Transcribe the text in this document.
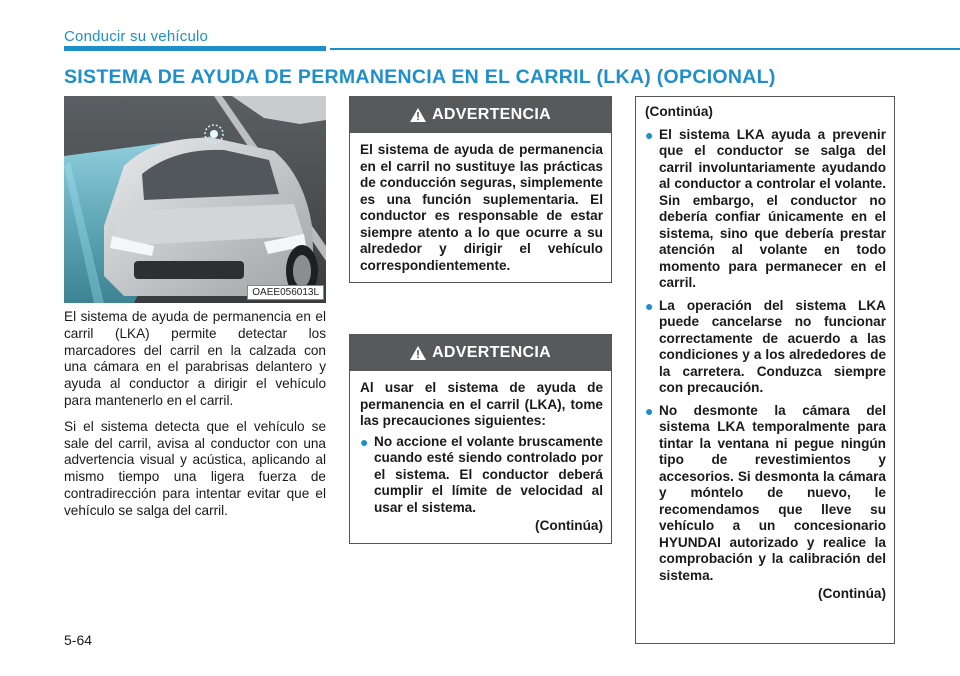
Conducir su vehículo
SISTEMA DE AYUDA DE PERMANENCIA EN EL CARRIL (LKA) (OPCIONAL)
OAEE056013L

El sistema de ayuda de permanencia en el carril (LKA) permite detectar los marcadores del carril en la calzada con una cámara en el parabrisas delantero y ayuda al conductor a dirigir el vehículo para mantenerlo en el carril.

Si el sistema detecta que el vehículo se sale del carril, avisa al conductor con una advertencia visual y acústica, aplicando al mismo tiempo una ligera fuerza de contradirección para intentar evitar que el vehículo se salga del carril.

ADVERTENCIA

El sistema de ayuda de permanencia en el carril no sustituye las prácticas de conducción seguras, simplemente es una función suplementaria. El conductor es responsable de estar siempre atento a lo que ocurre a su alrededor y dirigir el vehículo correspondientemente.

ADVERTENCIA

Al usar el sistema de ayuda de permanencia en el carril (LKA), tome las precauciones siguientes:

● No accione el volante bruscamente cuando esté siendo controlado por el sistema. El conductor deberá cumplir el límite de velocidad al usar el sistema.
(Continúa)
(Continúa)
● El sistema LKA ayuda a prevenir que el conductor se salga del carril involuntariamente ayudando al conductor a controlar el volante. Sin embargo, el conductor no debería confiar únicamente en el sistema, sino que debería prestar atención al volante en todo momento para permanecer en el carril.
● La operación del sistema LKA puede cancelarse no funcionar correctamente de acuerdo a las condiciones y a los alrededores de la carretera. Conduzca siempre con precaución.
● No desmonte la cámara del sistema LKA temporalmente para tintar la ventana ni pegue ningún tipo de revestimientos y accesorios. Si desmonta la cámara y móntelo de nuevo, le recomendamos que lleve su vehículo a un concesionario HYUNDAI autorizado y realice la comprobación y la calibración del sistema.
(Continúa)
5-64
